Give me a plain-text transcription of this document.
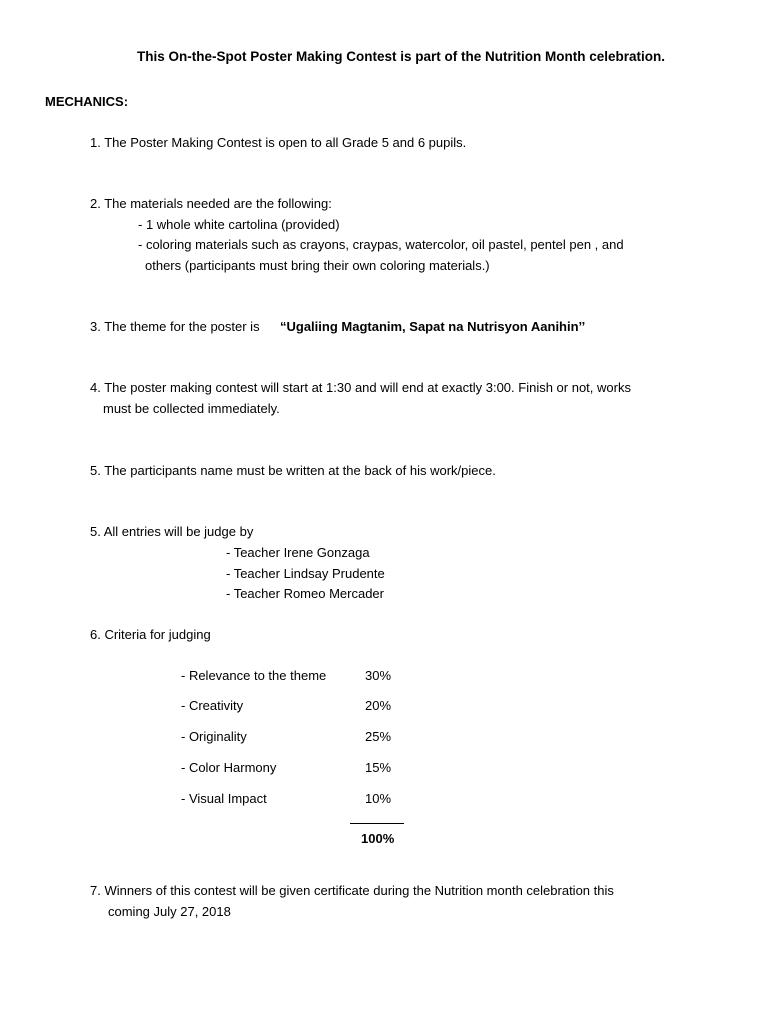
This On-the-Spot Poster Making Contest is part of the Nutrition Month celebration.
MECHANICS:
1. The Poster Making Contest is open to all Grade 5 and 6 pupils.
2. The materials needed are the following:
- 1 whole white cartolina (provided)
- coloring materials such as crayons, craypas, watercolor, oil pastel, pentel pen , and
others (participants must bring their own coloring materials.)
3. The theme for the poster is “Ugaliing Magtanim, Sapat na Nutrisyon Aanihin’’
4. The poster making contest will start at 1:30 and will end at exactly 3:00. Finish or not, works
must be collected immediately.
5. The participants name must be written at the back of his work/piece.
5. All entries will be judge by
- Teacher Irene Gonzaga
- Teacher Lindsay Prudente
- Teacher Romeo Mercader
6. Criteria for judging
- Relevance to the theme	30%
- Creativity	20%
- Originality	25%
- Color Harmony	15%
- Visual Impact	10%
100%
7. Winners of this contest will be given certificate during the Nutrition month celebration this
coming July 27, 2018
